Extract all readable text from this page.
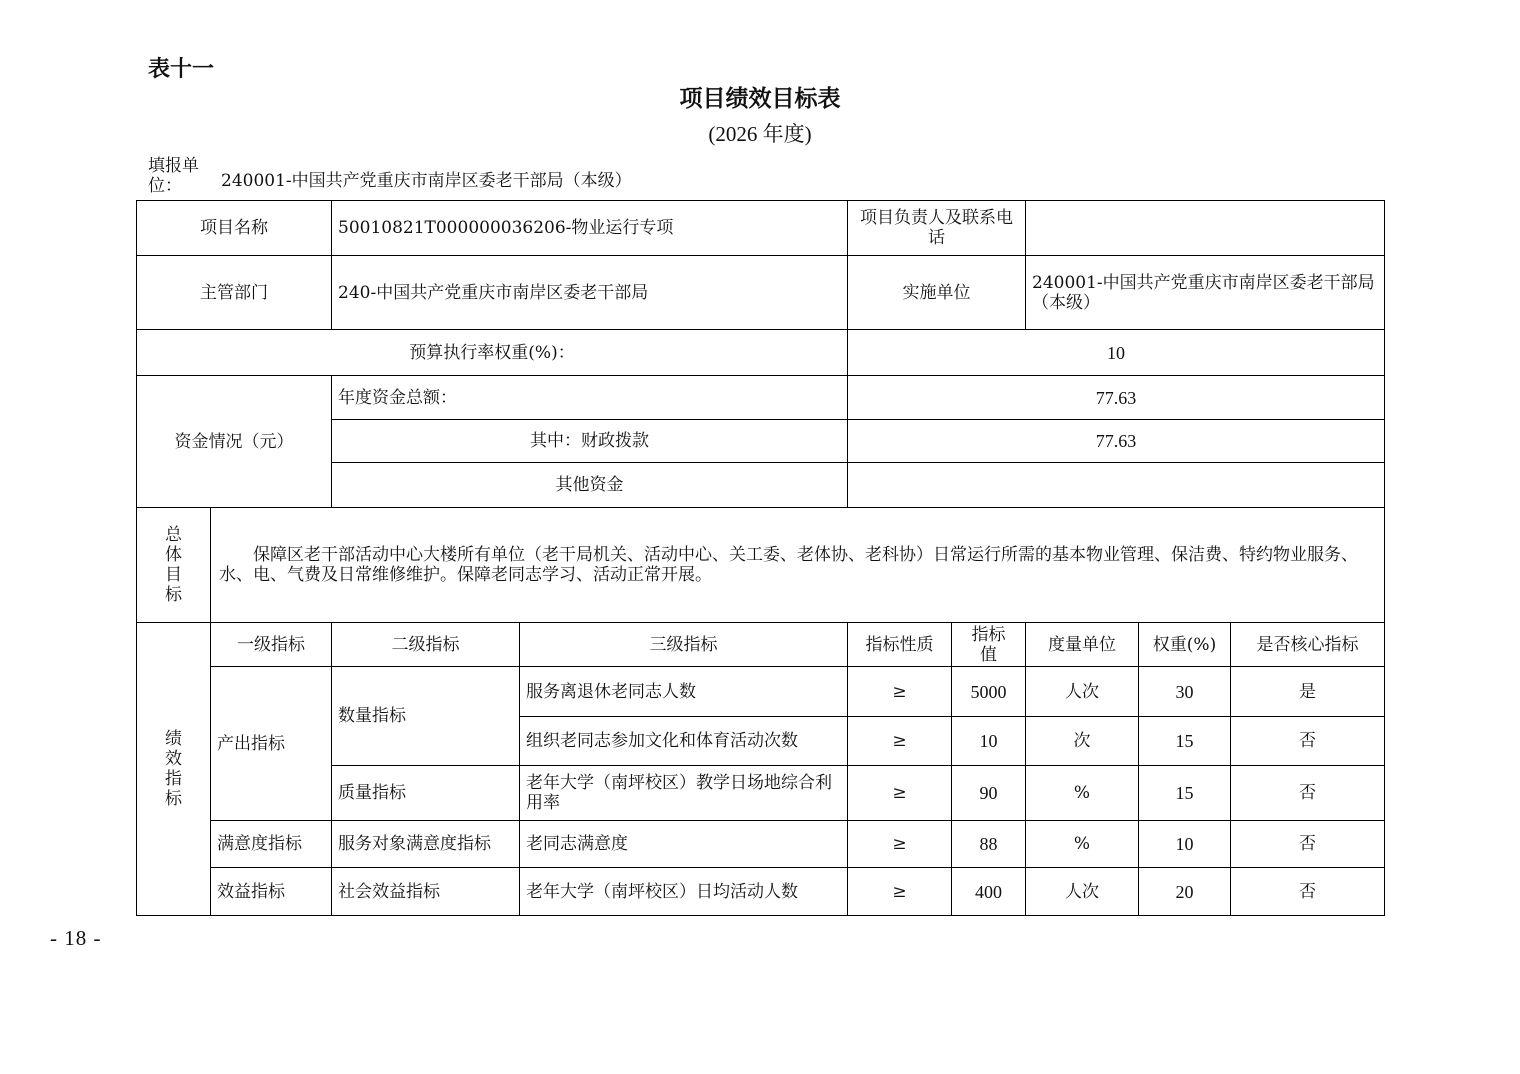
表十一
项目绩效目标表
(2026 年度)
填报单位：	240001-中国共产党重庆市南岸区委老干部局（本级）
项目名称		50010821T000000036206-物业运行专项		项目负责人及联系电话				
主管部门		240-中国共产党重庆市南岸区委老干部局		实施单位		240001-中国共产党重庆市南岸区委老干部局（本级）		
预算执行率权重(%)：				10				
资金情况（元）		年度资金总额：		77.63				
		其中：财政拨款		77.63				
		其他资金						

总体目标	保障区老干部活动中心大楼所有单位（老干局机关、活动中心、关工委、老体协、老科协）日常运行所需的基本物业管理、保洁费、特约物业服务、水、电、气费及日常维修维护。保障老同志学习、活动正常开展。							

绩效指标	一级指标	二级指标	三级指标	指标性质	指标值	度量单位	权重(%)	是否核心指标
	产出指标	数量指标	服务离退休老同志人数	≥	5000	人次	30	是
			组织老同志参加文化和体育活动次数	≥	10	次	15	否
		质量指标	老年大学（南坪校区）教学日场地综合利用率	≥	90	%	15	否
	满意度指标	服务对象满意度指标	老同志满意度	≥	88	%	10	否
	效益指标	社会效益指标	老年大学（南坪校区）日均活动人数	≥	400	人次	20	否
- 18 -
